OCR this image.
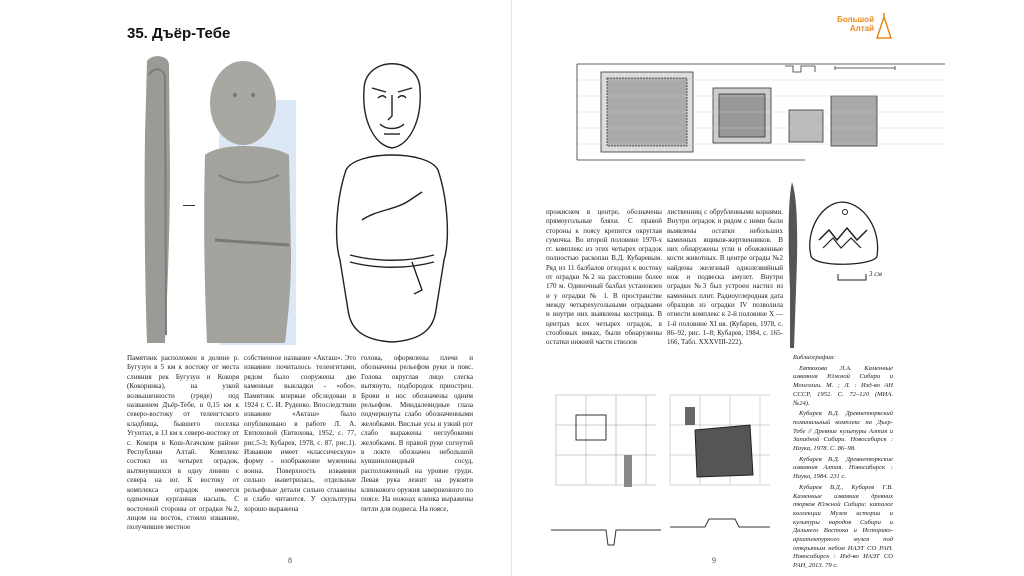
35. Дъёр-Тебе
Памятник расположен в долине р. Бугузун в 5 км к востоку от места слияния рек Бугузун и Кокоря (Кокоринка), на узкой возвышенности (гряде) под названием Дъёр-Тебе, в 0,15 км к северо-востоку от телеигтского кладбища, бывшего поселка Угуитал, в 13 км к северо-востоку от с. Кокоря в Кош-Агачском районе Республики Алтай. Комплекс состоял из четырех оградок, вытянувшихся в одну линию с севера на юг. К востоку от комплекса оградок имеется одиночная курганная насыпь. С восточной стороны от оградки №2, лицом на восток, стояло изваяние, получившее местное
собственное название «Акташ». Это изваяние почиталось теленгитами, рядом было сооружены две каменные выкладки - «обо». Памятник впервые обследован в 1924 г. С. И. Руденко. Впоследствии изваяние «Акташ» было опубликовано в работе Л. А. Евтюховой (Евтюхова, 1952, с. 77, рис.5-3; Кубарев, 1978, с. 87, рис.1). Изваяние имеет «классическую» форму - изображение мужчины воина. Поверхность изваяния сильно выветрилась, отдельные рельефные детали сильно сглажены и слабо читаются. У скульптуры хорошо выражена
голова, оформлены плечи и обозначены рельефом руки и пояс. Голова округлая лицо слегка вытянуто, подбородок приострен. Брови и нос обозначены одним рельефом. Миндалевидные глаза подчеркнуты слабо обозначенными желобками. Вислые усы и узкий рот слабо выражены неглубокими желобками. В правой руке согнутой в локте обозначен небольшой кувшинловидный сосуд, расположенный на уровне груди. Левая рука лежит на рукояти клинкового оружия завершенного по поясе. На ножнах клинка выражены петли для подвеса. На поясе,
8
Большой Алтай
прожиснем в центре, обозначены прямоугольные бляхи. С правой стороны к поясу крепится округлая сумочка. Во второй половине 1970-х гг. комплекс из этих четырех оградок полностью раскопан В.Д. Кубаревым. Ряд из 11 балбалов отходил к востоку от оградки №2 на расстоянии более 170 м. Одиночный балбал установлен и у оградки № 1. В пространстве между четырехугольными оградками и внутри них выявлены кострища. В центрах всех четырех оградок, в столбовых ямках, были обнаружены остатки нижней части стволов
лиственниц с обрубленными корнями. Внутри оградок и рядом с ними были выявлены остатки небольших каменных ящиков-жертвенников. В них обнаружены угли и обожженные кости животных. В центре ограды №2 найдены железный однолезвийный нож и подвеска амулет. Внутри оградки №3 был устроен настил из каменных плит. Радиоуглеродная дата образцов из оградки IV позволила отнести комплекс к 2-й половине X — 1-й половине XI вв. (Кубарев, 1978, с. 86–92, рис. 1–8; Кубарев, 1984, с. 165-166, Табл. XXXVIII-222).
3 см
Библиография:

Евтюхова Л.А. Каменные изваяния Южной Сибири и Монголии. М. ; Л. : Изд-во АН СССР, 1952. С. 72–120 (МИА. №24).

Кубарев В.Д. Древнетюркский поминальный комплекс на Дъер-Тебе // Древние культуры Алтая и Западной Сибири. Новосибирск : Наука, 1978. С. 86–98.

Кубарев В.Д. Древнетюркские изваяния Алтая. Новосибирск : Наука, 1984. 231 с.

Кубарев В.Д., Кубарев Г.В. Каменные изваяния древних тюрков Южной Сибири: каталог коллекции Музея истории и культуры народов Сибири и Дальнего Востока и Историко-архитектурного музея под открытым небом ИАЭТ СО РАН. Новосибирск : Изд-во ИАЭТ СО РАН, 2013. 79 с.

9
